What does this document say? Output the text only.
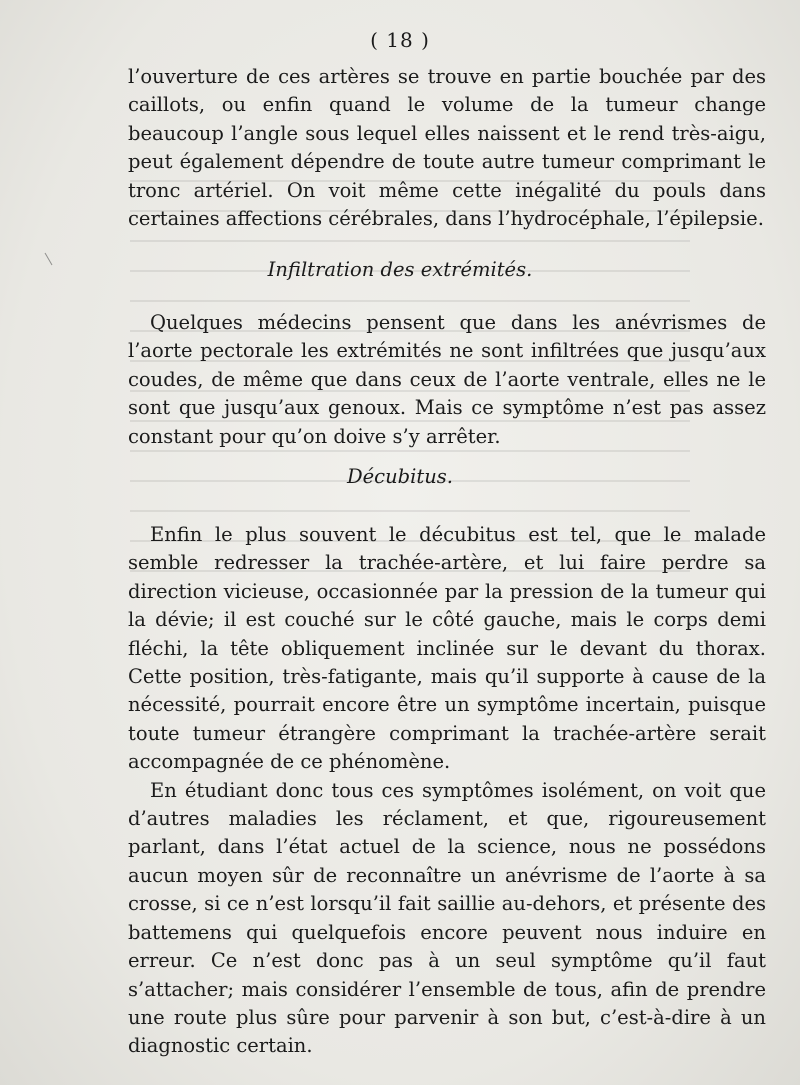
( 18 )

l’ouverture de ces artères se trouve en partie bouchée par des caillots, ou enfin quand le volume de la tumeur change beaucoup l’angle sous lequel elles naissent et le rend très-aigu, peut également dépendre de toute autre tumeur comprimant le tronc artériel. On voit même cette inégalité du pouls dans certaines affections cérébrales, dans l’hydrocéphale, l’épilepsie.

Infiltration des extrémités.

Quelques médecins pensent que dans les anévrismes de l’aorte pectorale les extrémités ne sont infiltrées que jusqu’aux coudes, de même que dans ceux de l’aorte ventrale, elles ne le sont que jusqu’aux genoux. Mais ce symptôme n’est pas assez constant pour qu’on doive s’y arrêter.

Décubitus.

Enfin le plus souvent le décubitus est tel, que le malade semble redresser la trachée-artère, et lui faire perdre sa direction vicieuse, occasionnée par la pression de la tumeur qui la dévie; il est couché sur le côté gauche, mais le corps demi fléchi, la tête obliquement inclinée sur le devant du thorax. Cette position, très-fatigante, mais qu’il supporte à cause de la nécessité, pourrait encore être un symptôme incertain, puisque toute tumeur étrangère comprimant la trachée-artère serait accompagnée de ce phénomène.

En étudiant donc tous ces symptômes isolément, on voit que d’autres maladies les réclament, et que, rigoureusement parlant, dans l’état actuel de la science, nous ne possédons aucun moyen sûr de reconnaître un anévrisme de l’aorte à sa crosse, si ce n’est lorsqu’il fait saillie au-dehors, et présente des battemens qui quelquefois encore peuvent nous induire en erreur. Ce n’est donc pas à un seul symptôme qu’il faut s’attacher; mais considérer l’ensemble de tous, afin de prendre une route plus sûre pour parvenir à son but, c’est-à-dire à un diagnostic certain.
